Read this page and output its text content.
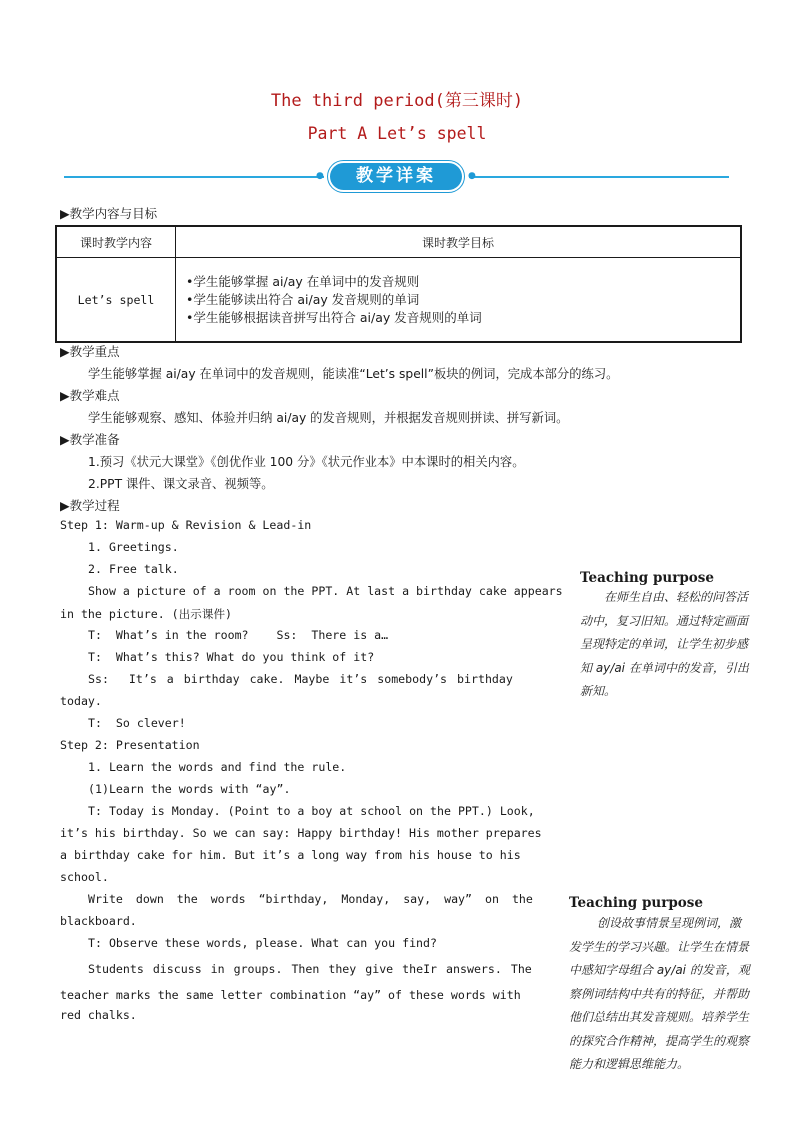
The third period(第三课时)
Part A Let’s spell
●	●
教学详案
▶教学内容与目标
课时教学内容	课时教学目标
Let’s spell	•学生能够掌握 ai/ay 在单词中的发音规则
•学生能够读出符合 ai/ay 发音规则的单词
•学生能够根据读音拼写出符合 ai/ay 发音规则的单词
▶教学重点
学生能够掌握 ai/ay 在单词中的发音规则，能读准“Let’s spell”板块的例词，完成本部分的练习。
▶教学难点
学生能够观察、感知、体验并归纳 ai/ay 的发音规则，并根据发音规则拼读、拼写新词。
▶教学准备
1.预习《状元大课堂》《创优作业 100 分》《状元作业本》中本课时的相关内容。
2.PPT 课件、课文录音、视频等。
▶教学过程
Step 1: Warm-up & Revision & Lead-in
1. Greetings.
2. Free talk.
Show a picture of a room on the PPT. At last a birthday cake appears
in the picture. (出示课件)
T:  What’s in the room?    Ss:  There is a…
T:  What’s this? What do you think of it?
Ss:  It’s a birthday cake. Maybe it’s somebody’s birthday
today.
T:  So clever!
Step 2: Presentation
1. Learn the words and find the rule.
(1)Learn the words with “ay”.
T: Today is Monday. (Point to a boy at school on the PPT.) Look,
it’s his birthday. So we can say: Happy birthday! His mother prepares
a birthday cake for him. But it’s a long way from his house to his
school.
Write down the words “birthday, Monday, say, way” on the
blackboard.
T: Observe these words, please. What can you find?
Students discuss in groups. Then they give theIr answers. The
teacher marks the same letter combination “ay” of these words with
red chalks.
Teaching purpose
在师生自由、轻松的问答活动中，复习旧知。通过特定画面呈现特定的单词，让学生初步感知 ay/ai 在单词中的发音，引出新知。
Teaching purpose
创设故事情景呈现例词，激发学生的学习兴趣。让学生在情景中感知字母组合 ay/ai 的发音，观察例词结构中共有的特征，并帮助他们总结出其发音规则。培养学生的探究合作精神，提高学生的观察能力和逻辑思维能力。
